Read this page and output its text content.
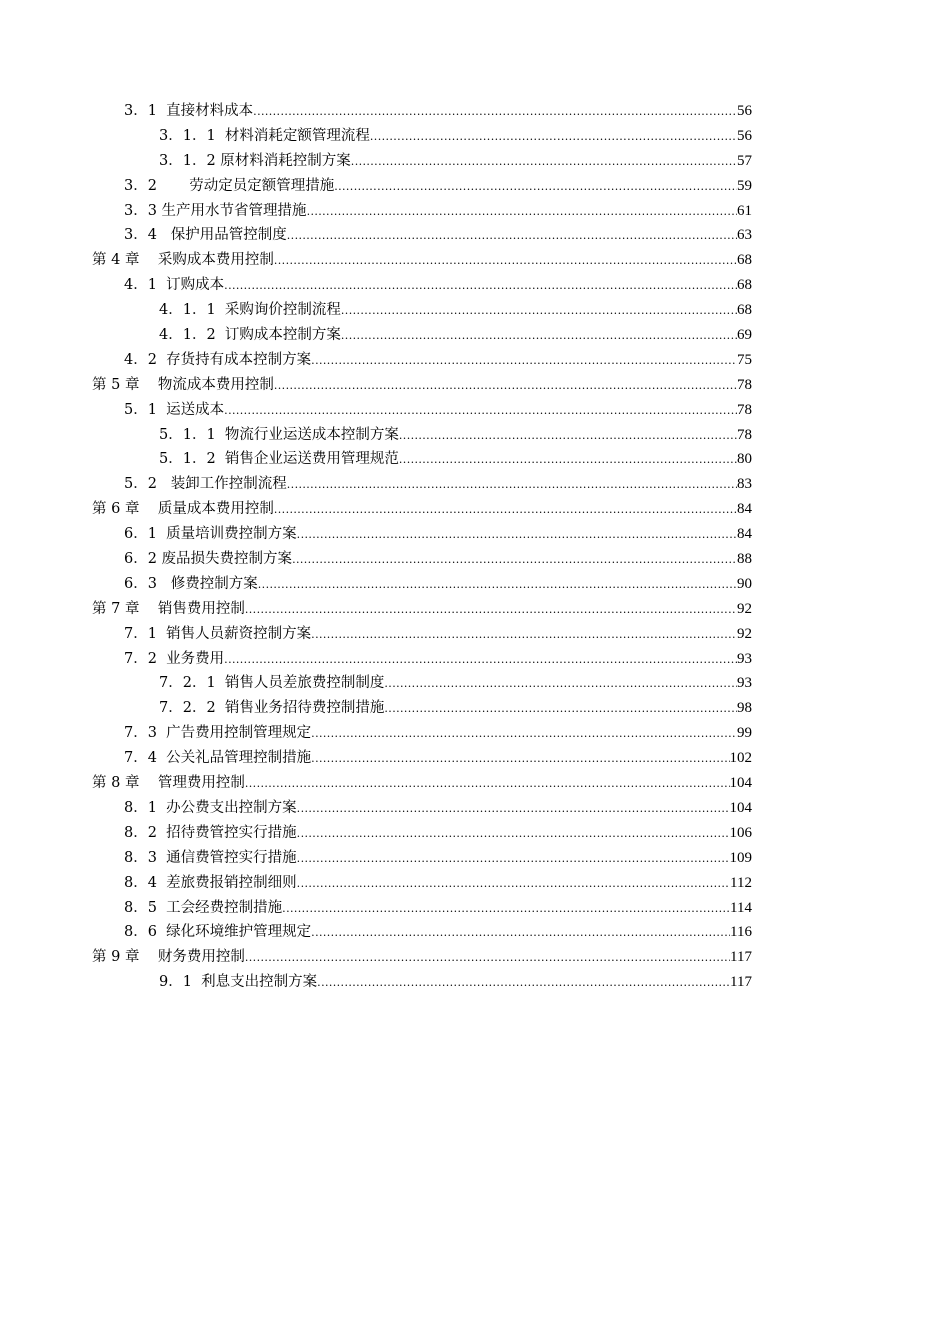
3．1  直接材料成本 .....	56
3．1．1  材料消耗定额管理流程 .....	56
3．1．2 原材料消耗控制方案 .....	57
3．2       劳动定员定额管理措施 .....	59
3．3 生产用水节省管理措施 .....	61
3．4   保护用品管控制度 .....	63
第 4 章    采购成本费用控制 .....	68
4．1  订购成本 .....	68
4．1．1  采购询价控制流程 .....	68
4．1．2  订购成本控制方案 .....	69
4．2  存货持有成本控制方案 .....	75
第 5 章    物流成本费用控制 .....	78
5．1  运送成本 .....	78
5．1．1  物流行业运送成本控制方案 .....	78
5．1．2  销售企业运送费用管理规范 .....	80
5．2   装卸工作控制流程 .....	83
第 6 章    质量成本费用控制 .....	84
6．1  质量培训费控制方案 .....	84
6．2 废品损失费控制方案 .....	88
6．3   修费控制方案 .....	90
第 7 章    销售费用控制 .....	92
7．1  销售人员薪资控制方案 .....	92
7．2  业务费用 .....	93
7．2．1  销售人员差旅费控制制度 .....	93
7．2．2  销售业务招待费控制措施 .....	98
7．3  广告费用控制管理规定 .....	99
7．4  公关礼品管理控制措施 .....	102
第 8 章    管理费用控制 .....	104
8．1  办公费支出控制方案 .....	104
8．2  招待费管控实行措施 .....	106
8．3  通信费管控实行措施 .....	109
8．4  差旅费报销控制细则 .....	112
8．5  工会经费控制措施 .....	114
8．6  绿化环境维护管理规定 .....	116
第 9 章    财务费用控制 .....	117
9．1  利息支出控制方案 .....	117
